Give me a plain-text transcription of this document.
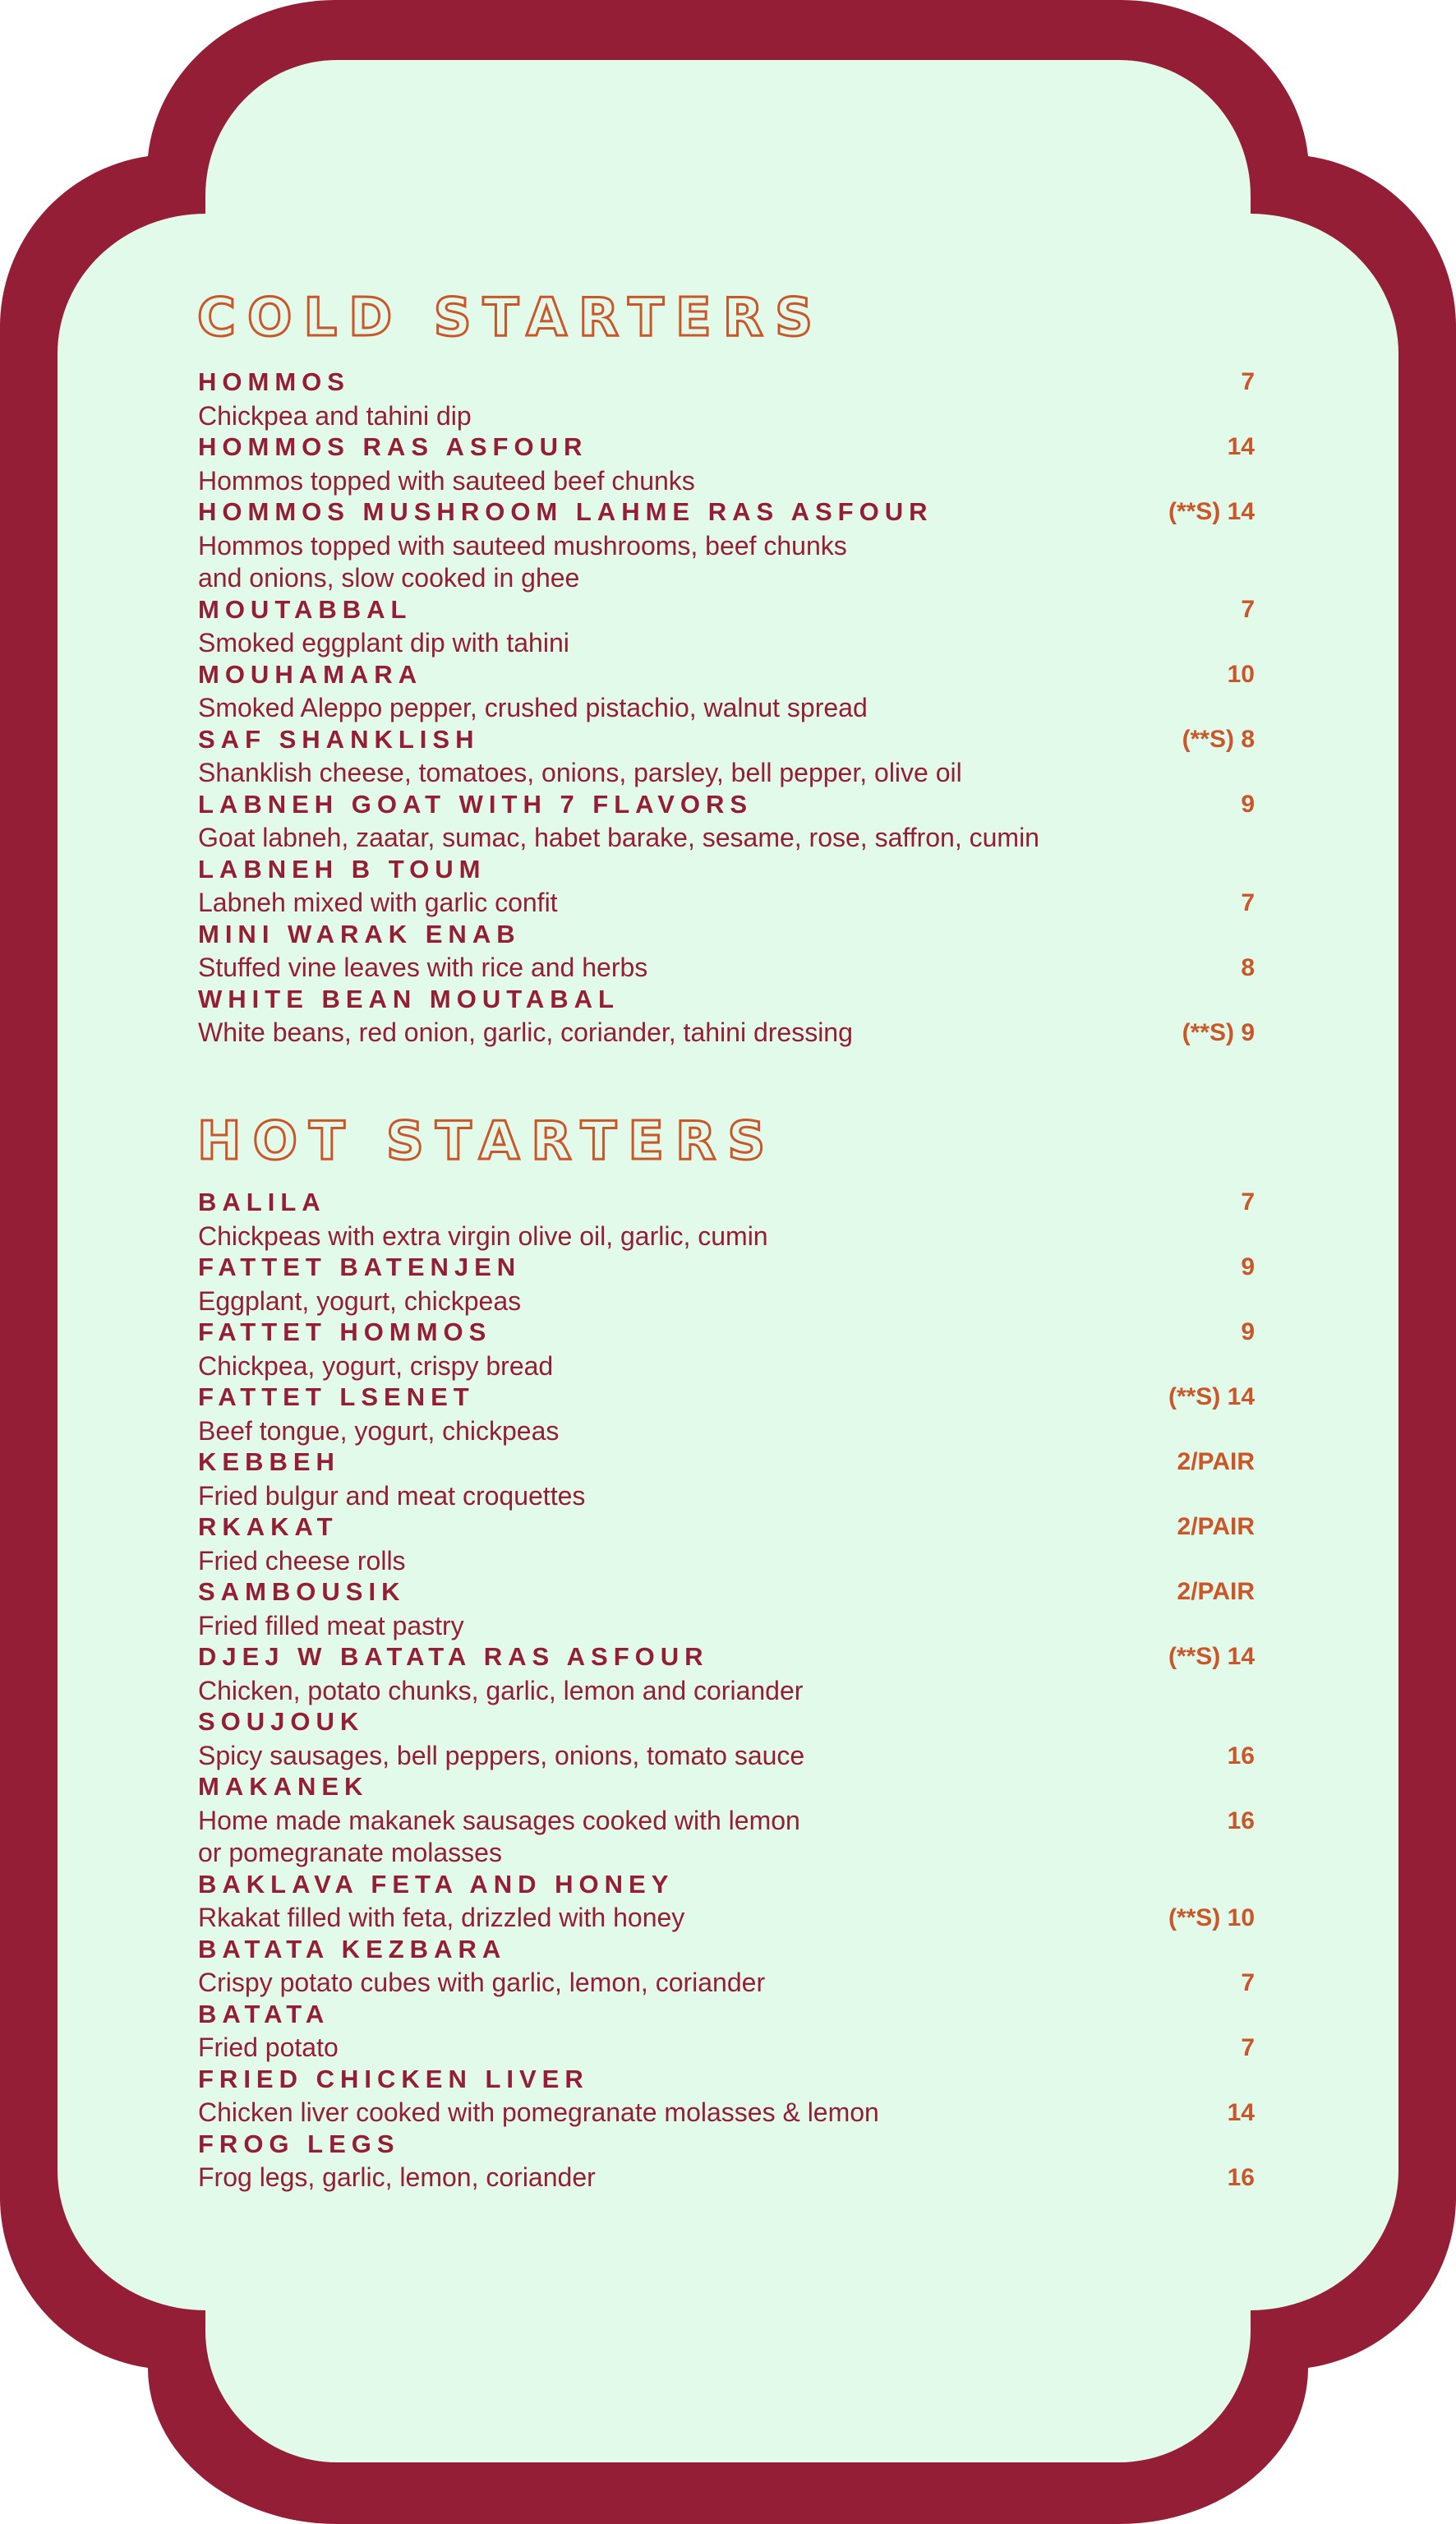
COLD STARTERS
HOMMOS
Chickpea and tahini dip
7
HOMMOS RAS ASFOUR
Hommos topped with sauteed beef chunks
14
HOMMOS MUSHROOM LAHME RAS ASFOUR
Hommos topped with sauteed mushrooms, beef chunks
and onions, slow cooked in ghee
(**S) 14
MOUTABBAL
Smoked eggplant dip with tahini
7
MOUHAMARA
Smoked Aleppo pepper, crushed pistachio, walnut spread
10
SAF SHANKLISH
Shanklish cheese, tomatoes, onions, parsley, bell pepper, olive oil
(**S) 8
LABNEH GOAT WITH 7 FLAVORS
Goat labneh, zaatar, sumac, habet barake, sesame, rose, saffron, cumin
9
LABNEH B TOUM
Labneh mixed with garlic confit	7
MINI WARAK ENAB
Stuffed vine leaves with rice and herbs	8
WHITE BEAN MOUTABAL
White beans, red onion, garlic, coriander, tahini dressing	(**S) 9
HOT STARTERS
BALILA
Chickpeas with extra virgin olive oil, garlic, cumin
7
FATTET BATENJEN
Eggplant, yogurt, chickpeas
9
FATTET HOMMOS
Chickpea, yogurt, crispy bread
9
FATTET LSENET
Beef tongue, yogurt, chickpeas
(**S) 14
KEBBEH
Fried bulgur and meat croquettes
2/PAIR
RKAKAT
Fried cheese rolls
2/PAIR
SAMBOUSIK
Fried filled meat pastry
2/PAIR
DJEJ W BATATA RAS ASFOUR
Chicken, potato chunks, garlic, lemon and coriander
(**S) 14
SOUJOUK
Spicy sausages, bell peppers, onions, tomato sauce	16
MAKANEK
Home made makanek sausages cooked with lemon
or pomegranate molasses
16
BAKLAVA FETA AND HONEY
Rkakat filled with feta, drizzled with honey	(**S) 10
BATATA KEZBARA
Crispy potato cubes with garlic, lemon, coriander	7
BATATA
Fried potato	7
FRIED CHICKEN LIVER
Chicken liver cooked with pomegranate molasses & lemon	14
FROG LEGS
Frog legs, garlic, lemon, coriander	16
